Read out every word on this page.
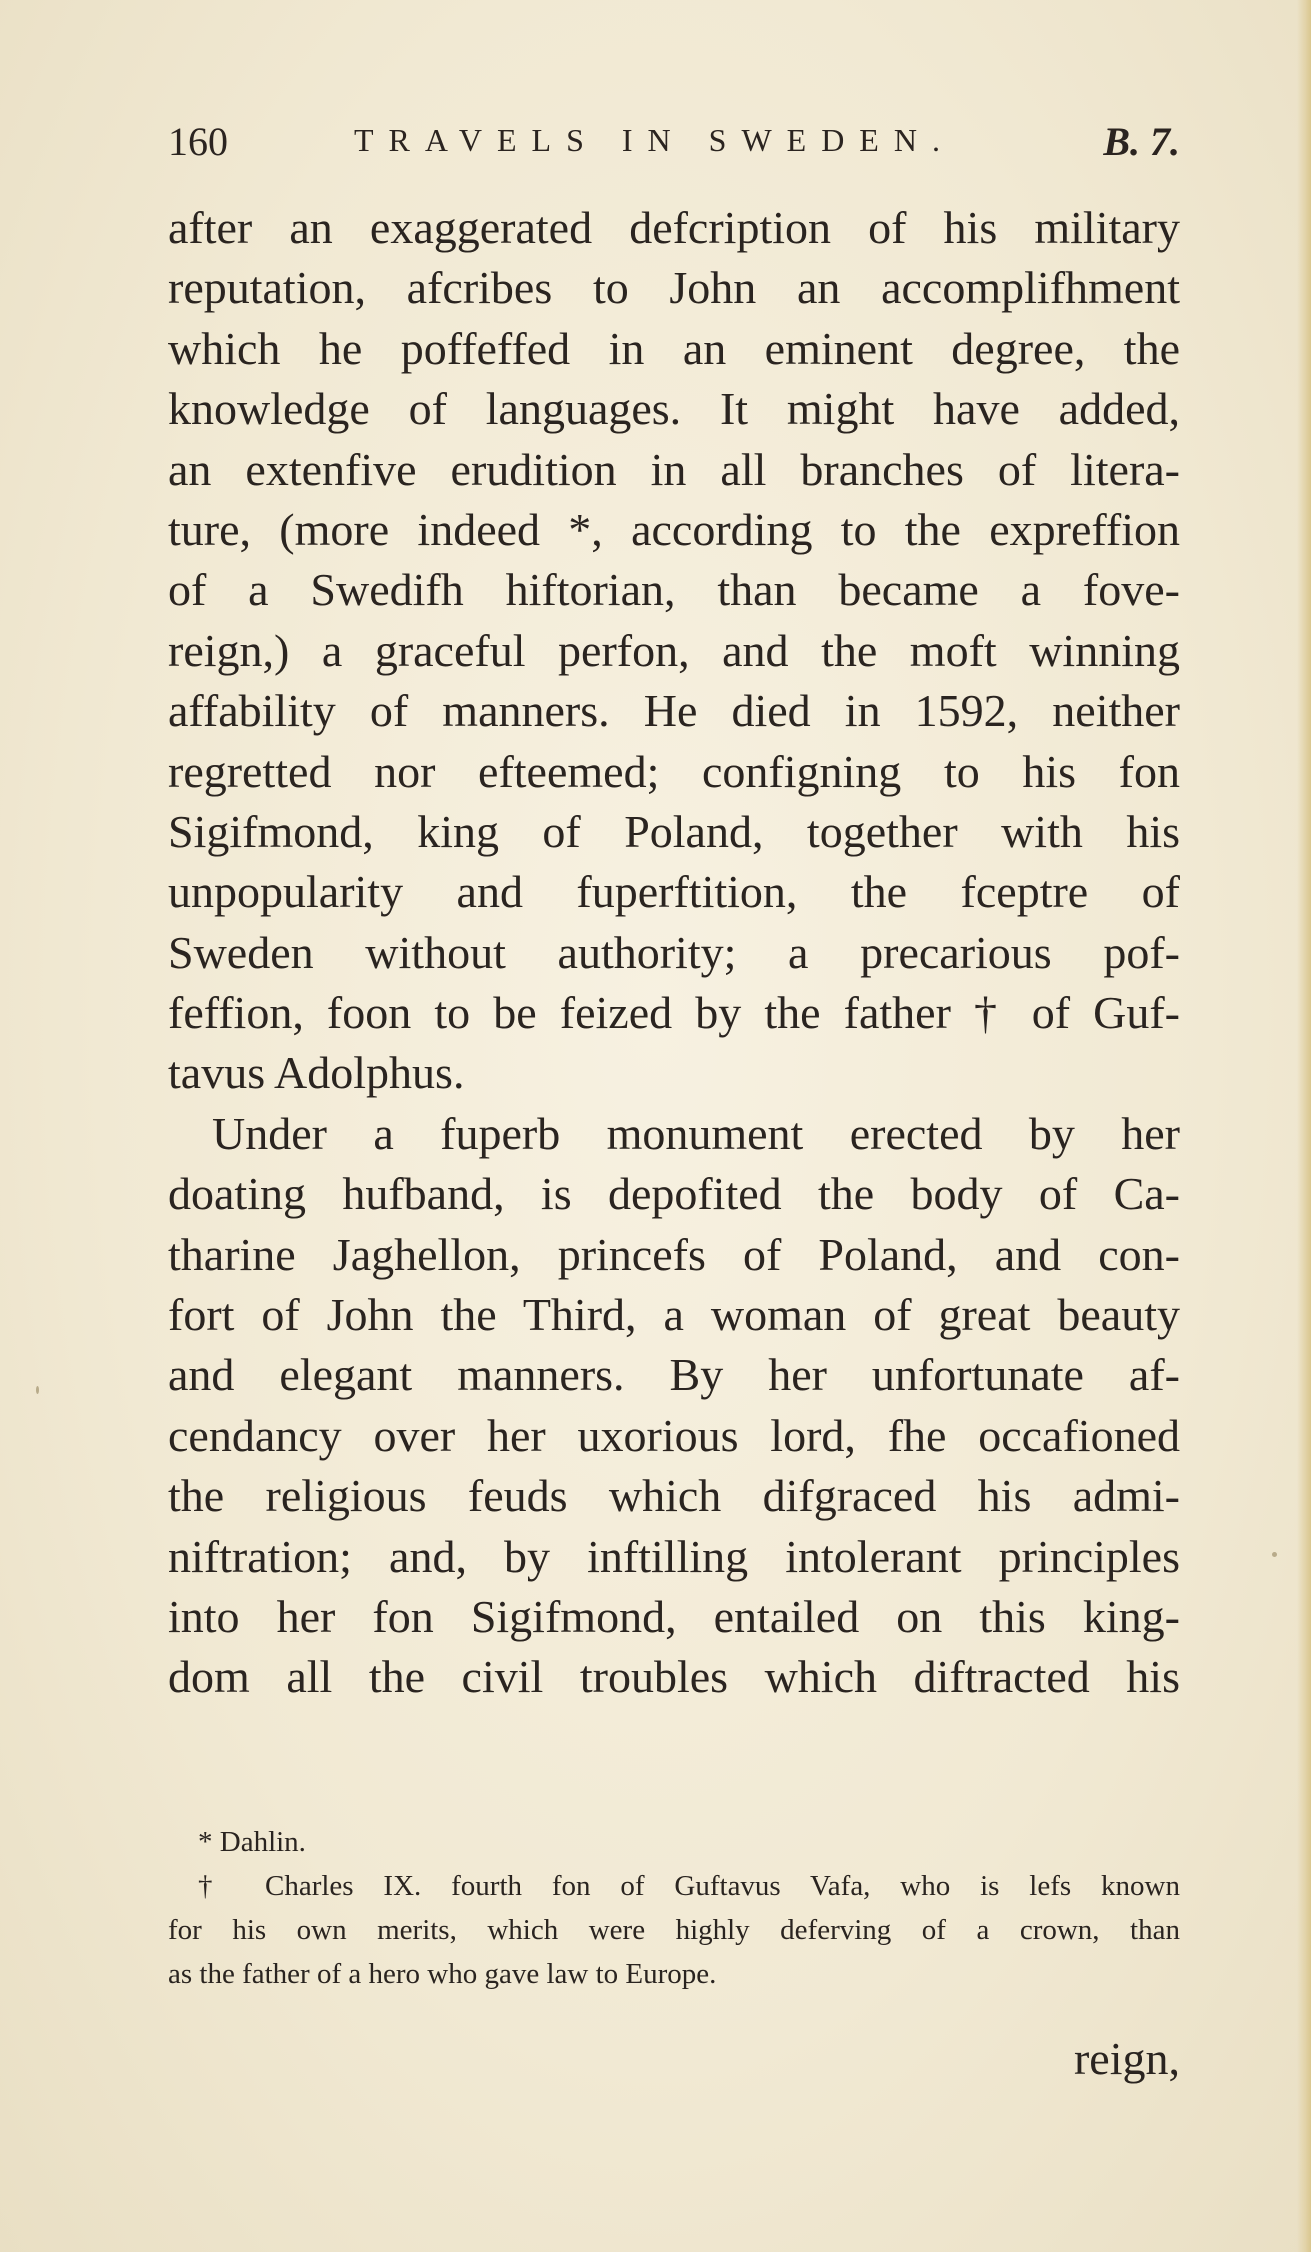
160	TRAVELS IN SWEDEN.	B. 7.
after an exaggerated defcription of his military
reputation, afcribes to John an accomplifhment
which he poffeffed in an eminent degree, the
knowledge of languages. It might have added,
an extenfive erudition in all branches of litera-
ture, (more indeed *, according to the expreffion
of a Swedifh hiftorian, than became a fove-
reign,) a graceful perfon, and the moft winning
affability of manners. He died in 1592, neither
regretted nor efteemed; configning to his fon
Sigifmond, king of Poland, together with his
unpopularity and fuperftition, the fceptre of
Sweden without authority; a precarious pof-
feffion, foon to be feized by the father † of Guf-
tavus Adolphus.
Under a fuperb monument erected by her
doating hufband, is depofited the body of Ca-
tharine Jaghellon, princefs of Poland, and con-
fort of John the Third, a woman of great beauty
and elegant manners. By her unfortunate af-
cendancy over her uxorious lord, fhe occafioned
the religious feuds which difgraced his admi-
niftration; and, by inftilling intolerant principles
into her fon Sigifmond, entailed on this king-
dom all the civil troubles which diftracted his
* Dahlin.
† Charles IX. fourth fon of Guftavus Vafa, who is lefs known
for his own merits, which were highly deferving of a crown, than
as the father of a hero who gave law to Europe.
reign,
